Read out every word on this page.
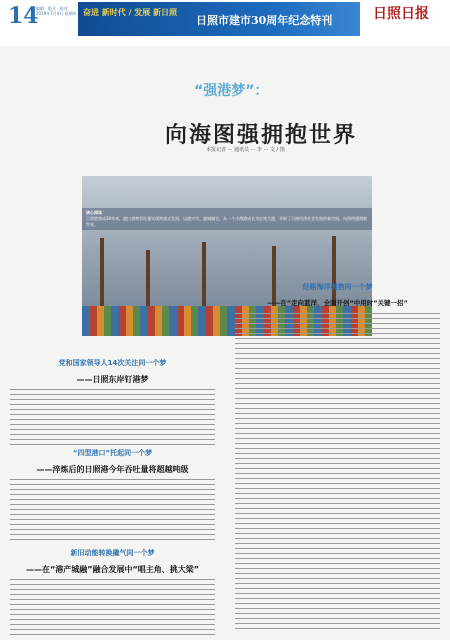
14
编辑 · 版式 · 校对
2019年7月4日 星期四 奋进 新时代 / 发展 新日照
日照市建市30周年纪念特刊	日照日报
“强港梦”：
向海图强拥抱世界
本报记者 ··· 通讯员 ··· 李 ··· 文 / 图
核心阅读
日照港建成30年来，港口货物吞吐量实现跨越式发展，以港兴市、港城融合，从一个小渔港成长为亿吨大港，开辟了日照经济社会发展的新空间，向海图强拥抱世界。
党和国家领导人14次关注同一个梦
——日照东岸钉港梦
“四型港口”托起同一个梦
——淬炼后的日照港今年吞吐量将超越吨级
新旧动能转换撬气同一个梦
——在“港产城融”融合发展中“唱主角、挑大梁”
经略海洋拥抱同一个梦
——在“走向蓝洋，全面开创“中用时”关键一招”
